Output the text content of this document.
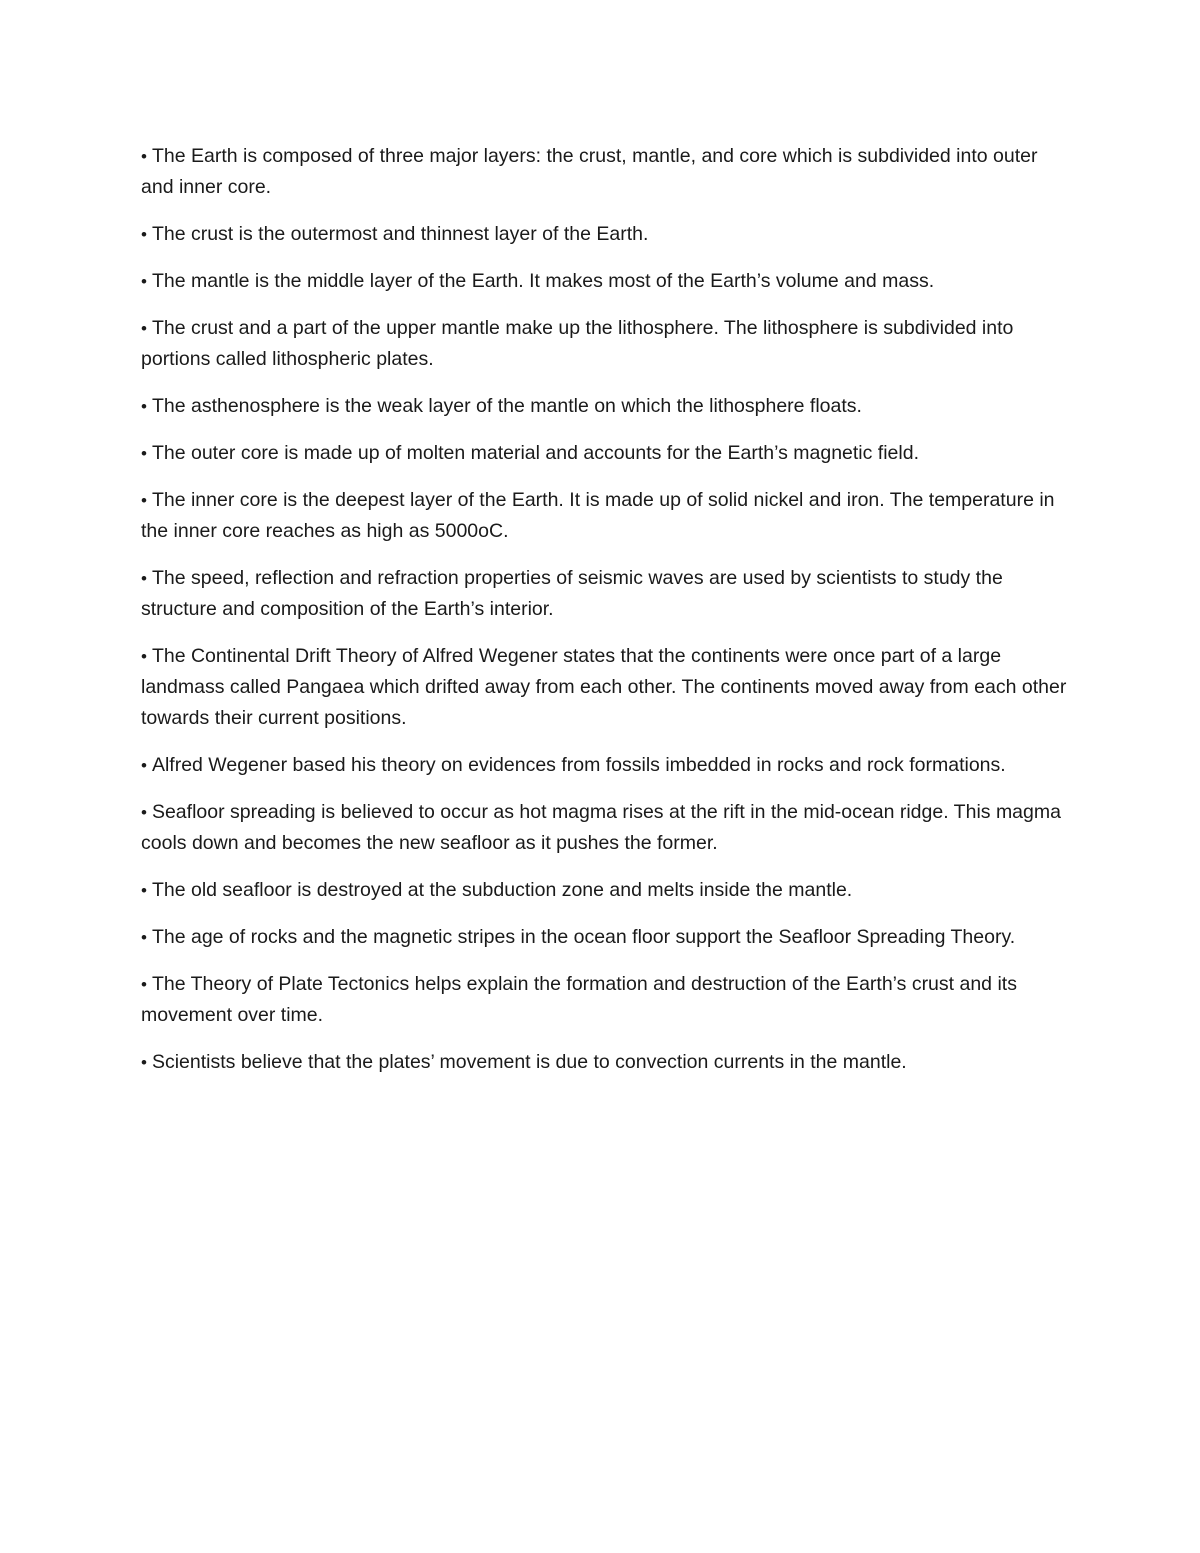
• The Earth is composed of three major layers: the crust, mantle, and core which is subdivided into outer and inner core.

• The crust is the outermost and thinnest layer of the Earth.

• The mantle is the middle layer of the Earth. It makes most of the Earth’s volume and mass.

• The crust and a part of the upper mantle make up the lithosphere. The lithosphere is subdivided into portions called lithospheric plates.

• The asthenosphere is the weak layer of the mantle on which the lithosphere floats.

• The outer core is made up of molten material and accounts for the Earth’s magnetic field.

• The inner core is the deepest layer of the Earth. It is made up of solid nickel and iron. The temperature in the inner core reaches as high as 5000oC.

• The speed, reflection and refraction properties of seismic waves are used by scientists to study the structure and composition of the Earth’s interior.

• The Continental Drift Theory of Alfred Wegener states that the continents were once part of a large landmass called Pangaea which drifted away from each other. The continents moved away from each other towards their current positions.

• Alfred Wegener based his theory on evidences from fossils imbedded in rocks and rock formations.

• Seafloor spreading is believed to occur as hot magma rises at the rift in the mid-ocean ridge. This magma cools down and becomes the new seafloor as it pushes the former.

• The old seafloor is destroyed at the subduction zone and melts inside the mantle.

• The age of rocks and the magnetic stripes in the ocean floor support the Seafloor Spreading Theory.

• The Theory of Plate Tectonics helps explain the formation and destruction of the Earth’s crust and its movement over time.

• Scientists believe that the plates’ movement is due to convection currents in the mantle.
